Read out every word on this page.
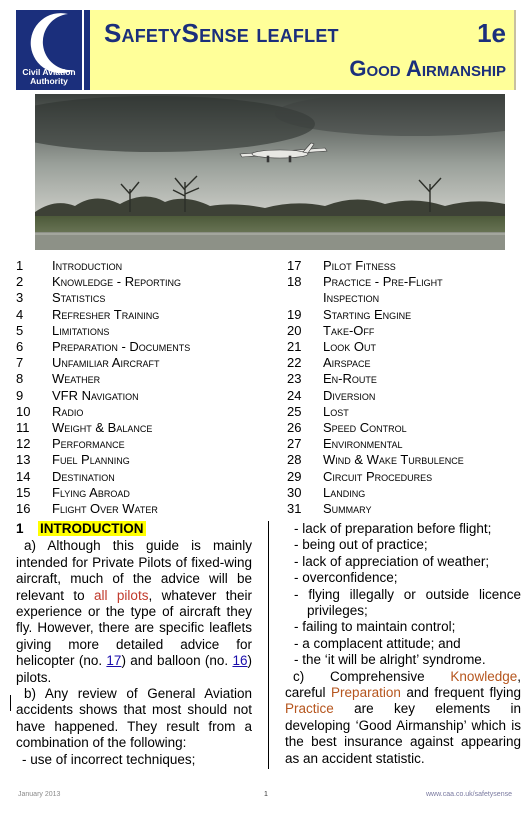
Civil Aviation
Authority
SafetySense leaflet	1e
Good Airmanship
1	Introduction
2	Knowledge - Reporting
3	Statistics
4	Refresher Training
5	Limitations
6	Preparation - Documents
7	Unfamiliar Aircraft
8	Weather
9	VFR Navigation
10	Radio
11	Weight & Balance
12	Performance
13	Fuel Planning
14	Destination
15	Flying Abroad
16	Flight Over Water
17	Pilot Fitness
18	Practice - Pre-Flight Inspection
19	Starting Engine
20	Take-Off
21	Look Out
22	Airspace
23	En-Route
24	Diversion
25	Lost
26	Speed Control
27	Environmental
28	Wind & Wake Turbulence
29	Circuit Procedures
30	Landing
31	Summary
1 INTRODUCTION

a) Although this guide is mainly intended for Private Pilots of fixed-wing aircraft, much of the advice will be relevant to all pilots, whatever their experience or the type of aircraft they fly. However, there are specific leaflets giving more detailed advice for helicopter (no. 17) and balloon (no. 16) pilots.

b) Any review of General Aviation accidents shows that most should not have happened. They result from a combination of the following:

- use of incorrect techniques;
- lack of preparation before flight;
- being out of practice;
- lack of appreciation of weather;
- overconfidence;
- flying illegally or outside licence privileges;
- failing to maintain control;
- a complacent attitude; and
- the ‘it will be alright’ syndrome.

c) Comprehensive Knowledge, careful Preparation and frequent flying Practice are key elements in developing ‘Good Airmanship’ which is the best insurance against appearing as an accident statistic.

January 2013	1	www.caa.co.uk/safetysense
